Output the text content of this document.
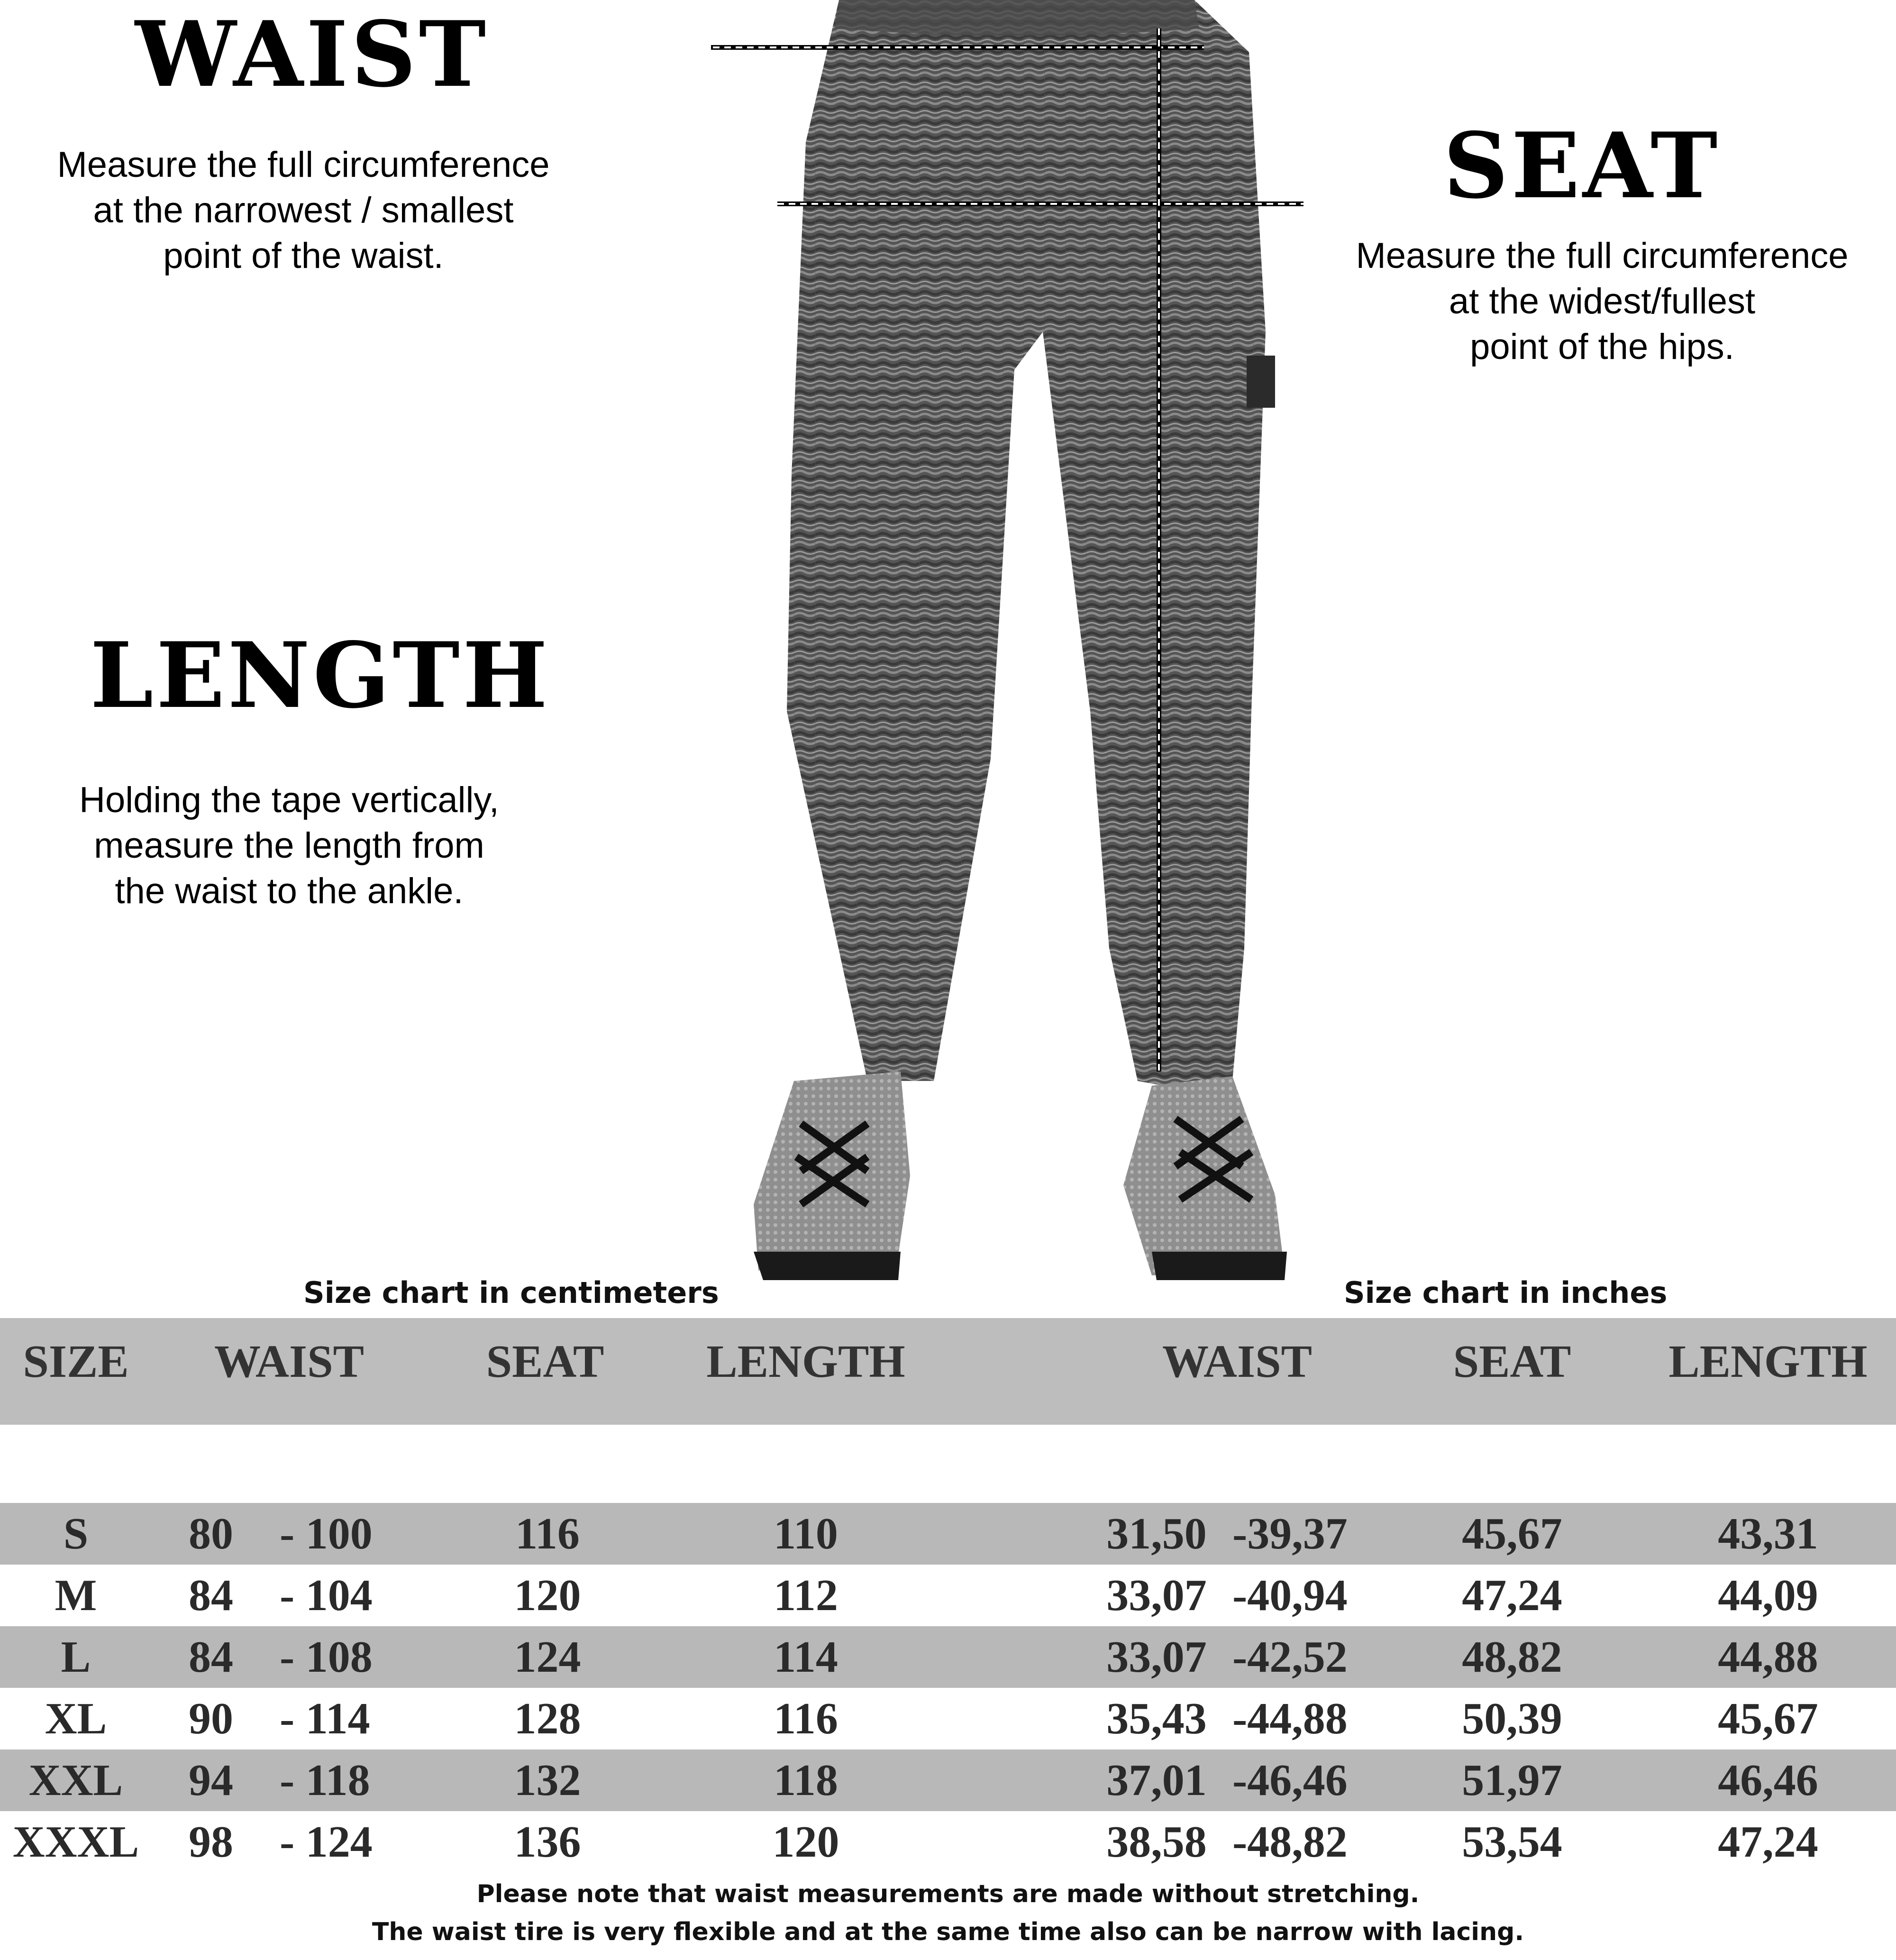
WAIST
Measure the full circumference
at the narrowest / smallest
point of the waist.
SEAT
Measure the full circumference
at the widest/fullest
point of the hips.
LENGTH
Holding the tape vertically,
measure the length from
the waist to the ankle.
Size chart in centimeters	Size chart in inches
SIZE	WAIST	SEAT	LENGTH	WAIST	SEAT	LENGTH
S	80	- 100	116	110	31,50 -39,37	45,67	43,31
M	84	- 104	120	112	33,07 -40,94	47,24	44,09
L	84	- 108	124	114	33,07 -42,52	48,82	44,88
XL	90	- 114	128	116	35,43 -44,88	50,39	45,67
XXL	94	- 118	132	118	37,01 -46,46	51,97	46,46
XXXL	98	- 124	136	120	38,58 -48,82	53,54	47,24
Please note that waist measurements are made without stretching.
The waist tire is very flexible and at the same time also can be narrow with lacing.
